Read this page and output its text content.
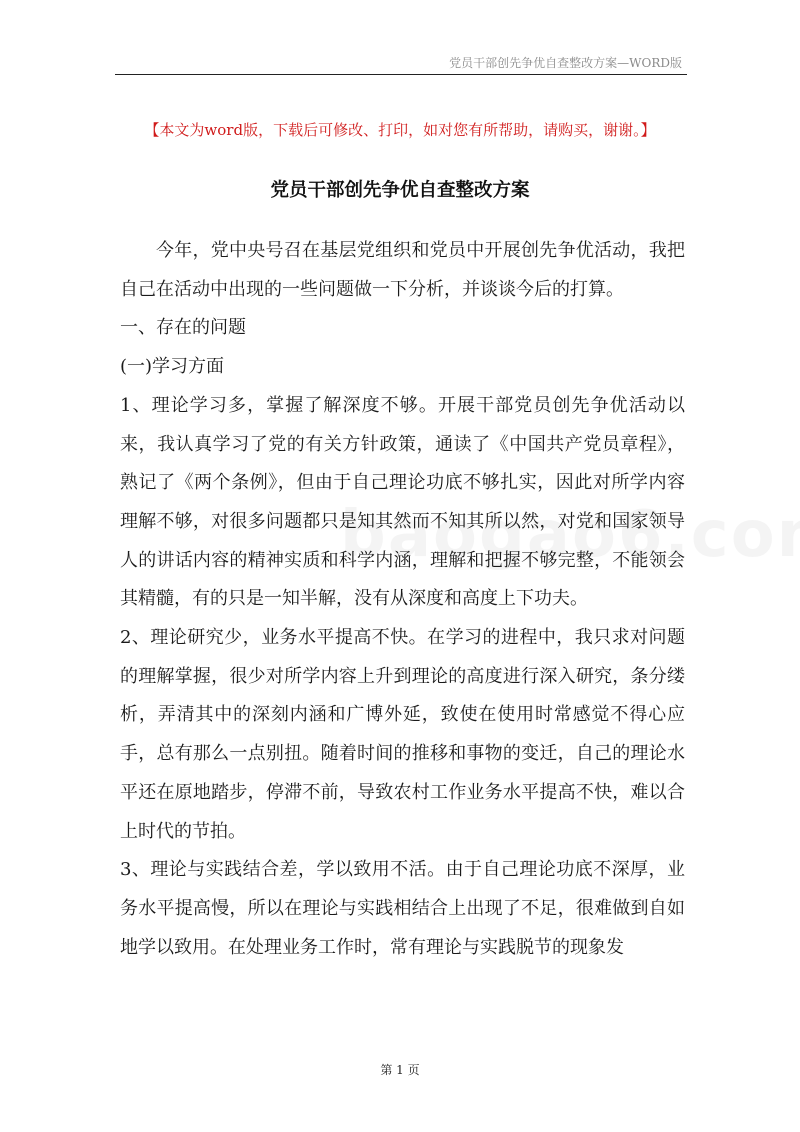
党员干部创先争优自查整改方案—WORD版
【本文为word版，下载后可修改、打印，如对您有所帮助，请购买，谢谢。】
党员干部创先争优自查整改方案

今年，党中央号召在基层党组织和党员中开展创先争优活动，我把自己在活动中出现的一些问题做一下分析，并谈谈今后的打算。

一、存在的问题

(一)学习方面

1、理论学习多，掌握了解深度不够。开展干部党员创先争优活动以来，我认真学习了党的有关方针政策，通读了《中国共产党员章程》，熟记了《两个条例》，但由于自己理论功底不够扎实，因此对所学内容理解不够，对很多问题都只是知其然而不知其所以然，对党和国家领导人的讲话内容的精神实质和科学内涵，理解和把握不够完整，不能领会其精髓，有的只是一知半解，没有从深度和高度上下功夫。

2、理论研究少，业务水平提高不快。在学习的进程中，我只求对问题的理解掌握，很少对所学内容上升到理论的高度进行深入研究，条分缕析，弄清其中的深刻内涵和广博外延，致使在使用时常感觉不得心应手，总有那么一点别扭。随着时间的推移和事物的变迁，自己的理论水平还在原地踏步，停滞不前，导致农村工作业务水平提高不快，难以合上时代的节拍。

3、理论与实践结合差，学以致用不活。由于自己理论功底不深厚，业务水平提高慢，所以在理论与实践相结合上出现了不足，很难做到自如地学以致用。在处理业务工作时，常有理论与实践脱节的现象发

第 1 页
